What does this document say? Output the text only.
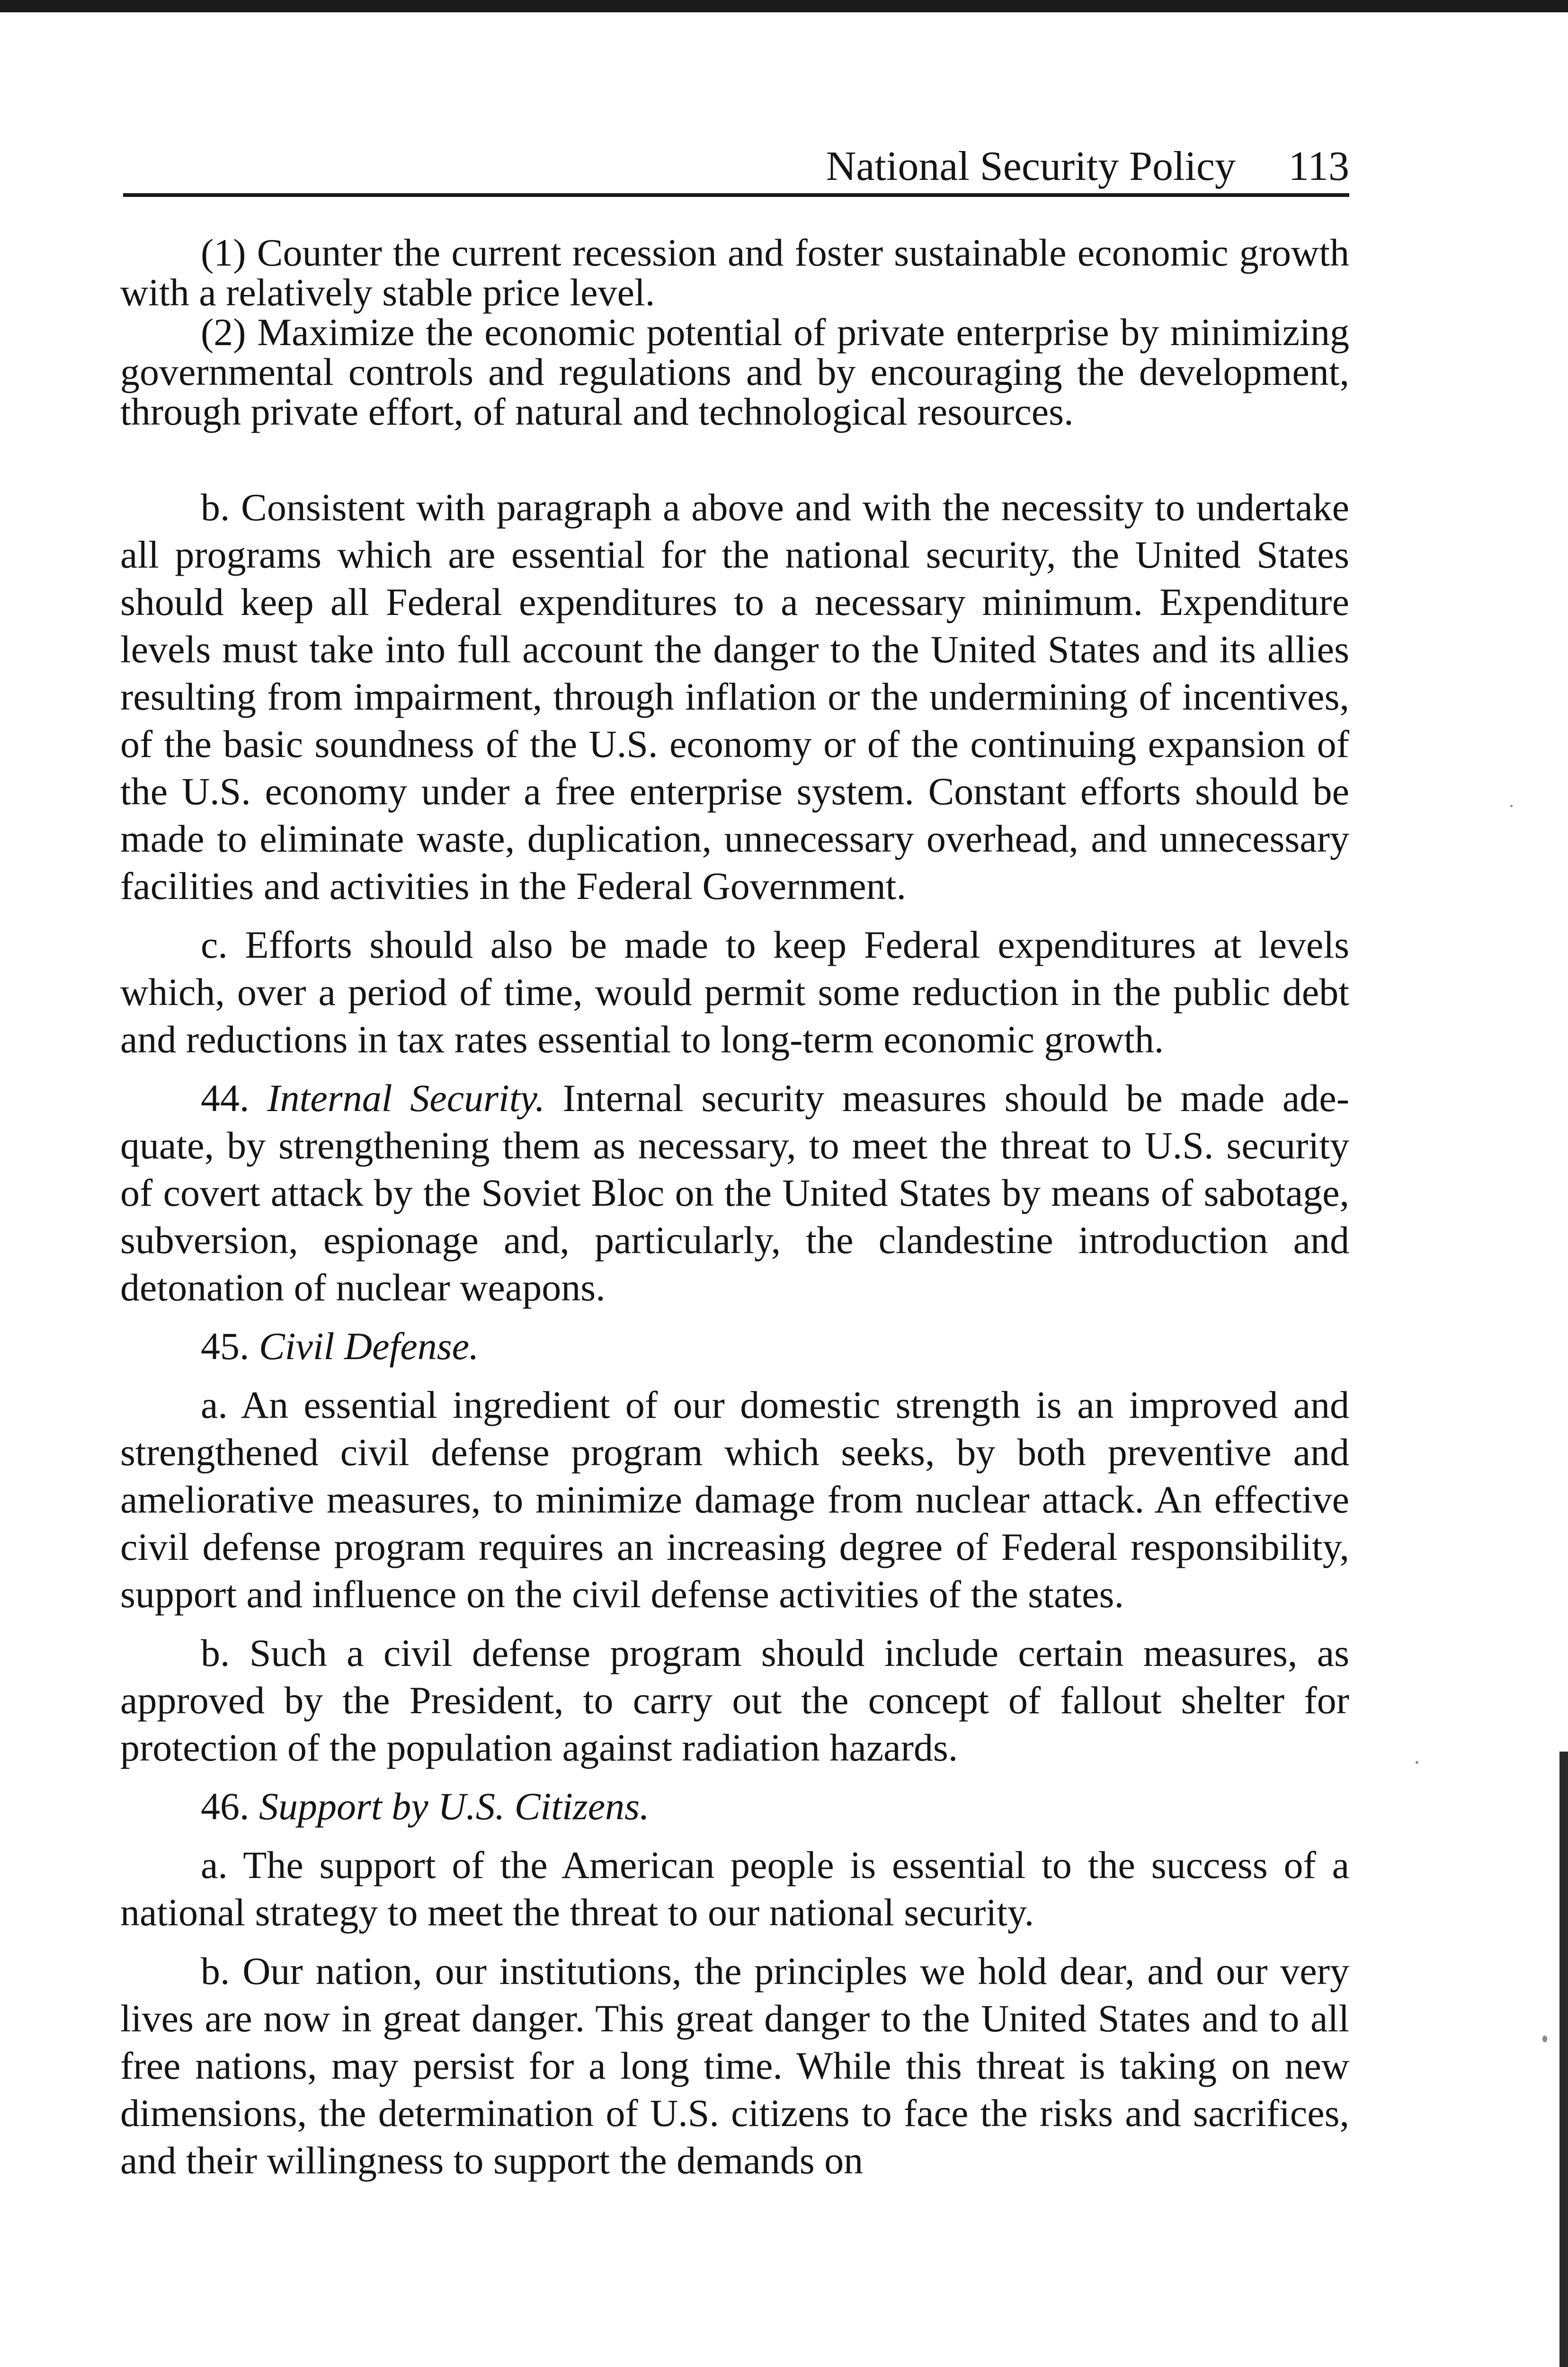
National Security Policy 113

(1) Counter the current recession and foster sustainable economic growth with a relatively stable price level.

(2) Maximize the economic potential of private enterprise by minimizing governmental controls and regulations and by encouraging the development, through private effort, of natural and technological resources.

b. Consistent with paragraph a above and with the necessity to undertake all programs which are essential for the national security, the United States should keep all Federal expenditures to a necessary minimum. Expenditure levels must take into full account the danger to the United States and its allies resulting from impairment, through inflation or the undermining of incentives, of the basic soundness of the U.S. economy or of the continuing expansion of the U.S. economy under a free enterprise system. Constant efforts should be made to eliminate waste, duplication, unnecessary overhead, and unnecessary facilities and activities in the Federal Government.

c. Efforts should also be made to keep Federal expenditures at levels which, over a period of time, would permit some reduction in the public debt and reductions in tax rates essential to long-term economic growth.

44. Internal Security. Internal security measures should be made adequate, by strengthening them as necessary, to meet the threat to U.S. security of covert attack by the Soviet Bloc on the United States by means of sabotage, subversion, espionage and, particularly, the clandestine introduction and detonation of nuclear weapons.

45. Civil Defense.

a. An essential ingredient of our domestic strength is an improved and strengthened civil defense program which seeks, by both preventive and ameliorative measures, to minimize damage from nuclear attack. An effective civil defense program requires an increasing degree of Federal responsibility, support and influence on the civil defense activities of the states.

b. Such a civil defense program should include certain measures, as approved by the President, to carry out the concept of fallout shelter for protection of the population against radiation hazards.

46. Support by U.S. Citizens.

a. The support of the American people is essential to the success of a national strategy to meet the threat to our national security.

b. Our nation, our institutions, the principles we hold dear, and our very lives are now in great danger. This great danger to the United States and to all free nations, may persist for a long time. While this threat is taking on new dimensions, the determination of U.S. citizens to face the risks and sacrifices, and their willingness to support the demands on
